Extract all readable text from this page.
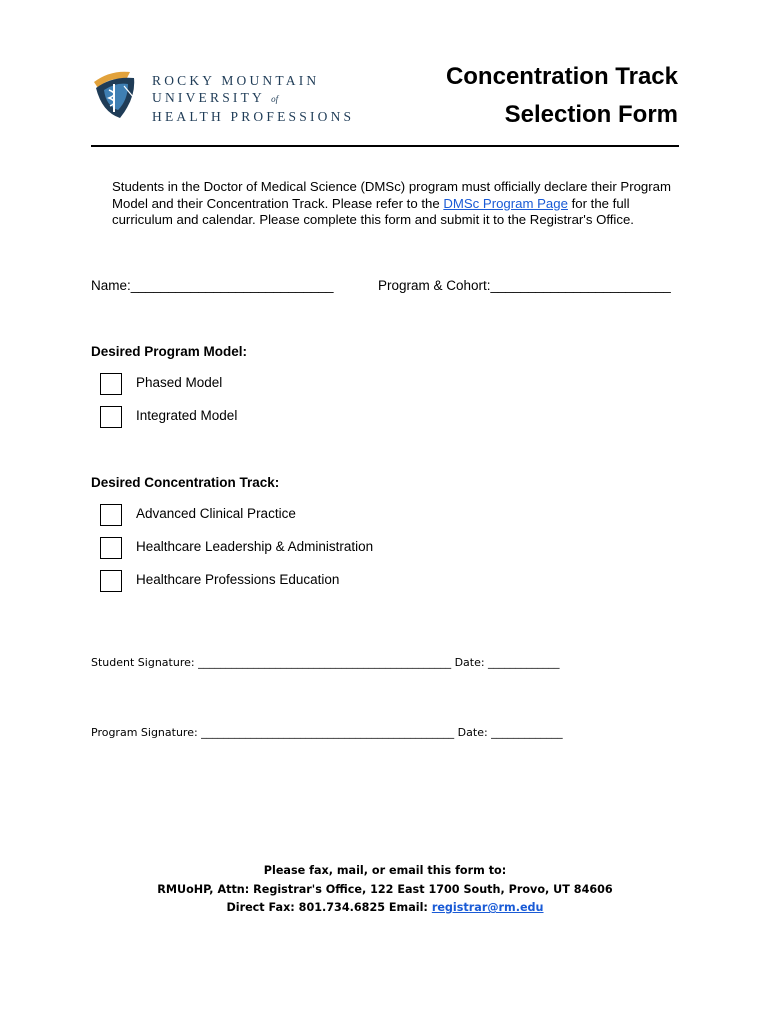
ROCKY MOUNTAIN
UNIVERSITY of
HEALTH PROFESSIONS
Concentration Track
Selection Form
Students in the Doctor of Medical Science (DMSc) program must officially declare their Program Model and their Concentration Track. Please refer to the DMSc Program Page for the full curriculum and calendar. Please complete this form and submit it to the Registrar's Office.
Name:___________________________	Program & Cohort:________________________
Desired Program Model:
Phased Model
Integrated Model
Desired Concentration Track:
Advanced Clinical Practice
Healthcare Leadership & Administration
Healthcare Professions Education
Student Signature: ______________________________________________ Date: _____________
Program Signature: ______________________________________________ Date: _____________
Please fax, mail, or email this form to:
RMUoHP, Attn: Registrar's Office, 122 East 1700 South, Provo, UT 84606
Direct Fax: 801.734.6825 Email: registrar@rm.edu
